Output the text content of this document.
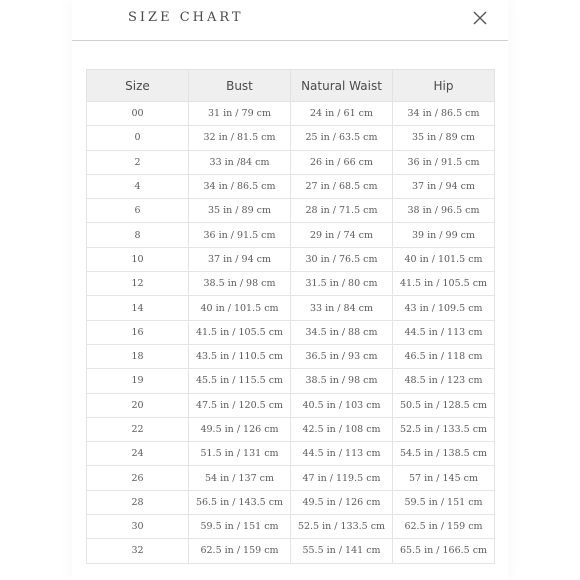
SIZE CHART
Size	Bust	Natural Waist	Hip
00	31 in / 79 cm	24 in / 61 cm	34 in / 86.5 cm
0	32 in / 81.5 cm	25 in / 63.5 cm	35 in / 89 cm
2	33 in /84 cm	26 in / 66 cm	36 in / 91.5 cm
4	34 in / 86.5 cm	27 in / 68.5 cm	37 in / 94 cm
6	35 in / 89 cm	28 in / 71.5 cm	38 in / 96.5 cm
8	36 in / 91.5 cm	29 in / 74 cm	39 in / 99 cm
10	37 in / 94 cm	30 in / 76.5 cm	40 in / 101.5 cm
12	38.5 in / 98 cm	31.5 in / 80 cm	41.5 in / 105.5 cm
14	40 in / 101.5 cm	33 in / 84 cm	43 in / 109.5 cm
16	41.5 in / 105.5 cm	34.5 in / 88 cm	44.5 in / 113 cm
18	43.5 in / 110.5 cm	36.5 in / 93 cm	46.5 in / 118 cm
19	45.5 in / 115.5 cm	38.5 in / 98 cm	48.5 in / 123 cm
20	47.5 in / 120.5 cm	40.5 in / 103 cm	50.5 in / 128.5 cm
22	49.5 in / 126 cm	42.5 in / 108 cm	52.5 in / 133.5 cm
24	51.5 in / 131 cm	44.5 in / 113 cm	54.5 in / 138.5 cm
26	54 in / 137 cm	47 in / 119.5 cm	57 in / 145 cm
28	56.5 in / 143.5 cm	49.5 in / 126 cm	59.5 in / 151 cm
30	59.5 in / 151 cm	52.5 in / 133.5 cm	62.5 in / 159 cm
32	62.5 in / 159 cm	55.5 in / 141 cm	65.5 in / 166.5 cm
